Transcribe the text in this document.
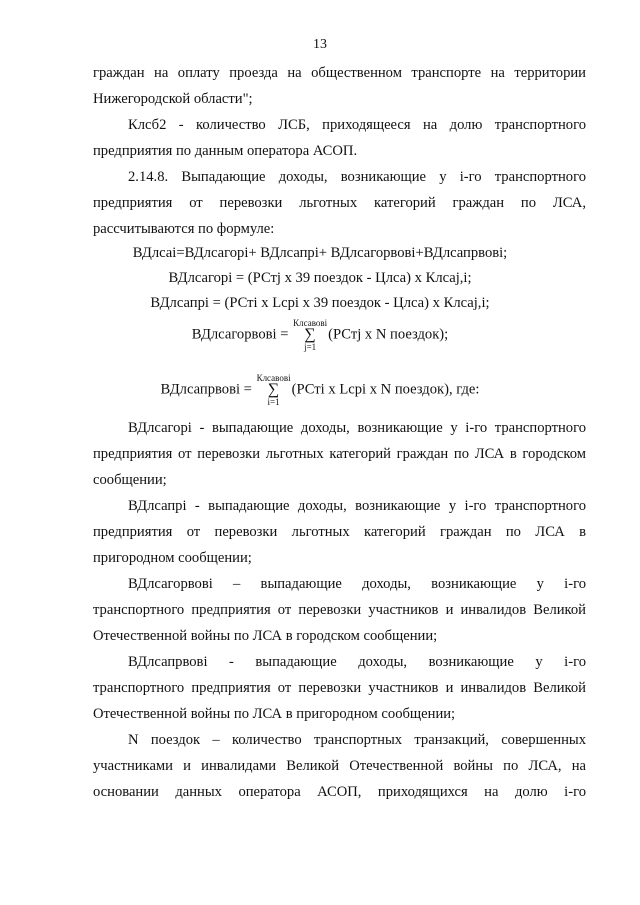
13
граждан на оплату проезда на общественном транспорте на территории
Нижегородской области";
Клсб2 - количество ЛСБ, приходящееся на долю транспортного
предприятия по данным оператора АСОП.
2.14.8. Выпадающие доходы, возникающие у i-го транспортного
предприятия от перевозки льготных категорий граждан по ЛСА,
рассчитываются по формуле:
ВДлсаi=ВДлсагорi+ ВДлсапрi+ ВДлсагорвовi+ВДлсапрвовi;
ВДлсагорi = (РСтj х 39 поездок - Цлса) х Клсаj,i;
ВДлсапрi = (РСтi х Lсрi х 39 поездок - Цлса) х Клсаj,i;
ВДлсагорвовi =
Клсавовi
∑
j=1
(РСтj х N поездок);
ВДлсапрвовi =
Клсавовi
∑
i=1
(РСтi х Lсрi х N поездок), где:
ВДлсагорi - выпадающие доходы, возникающие у i-го транспортного
предприятия от перевозки льготных категорий граждан по ЛСА в городском
сообщении;
ВДлсапрi - выпадающие доходы, возникающие у i-го транспортного
предприятия от перевозки льготных категорий граждан по ЛСА в
пригородном сообщении;
ВДлсагорвовi – выпадающие доходы, возникающие у i-го
транспортного предприятия от перевозки участников и инвалидов Великой
Отечественной войны по ЛСА в городском сообщении;
ВДлсапрвовi - выпадающие доходы, возникающие у i-го
транспортного предприятия от перевозки участников и инвалидов Великой
Отечественной войны по ЛСА в пригородном сообщении;
N поездок – количество транспортных транзакций, совершенных
участниками и инвалидами Великой Отечественной войны по ЛСА, на
основании данных оператора АСОП, приходящихся на долю i-го
